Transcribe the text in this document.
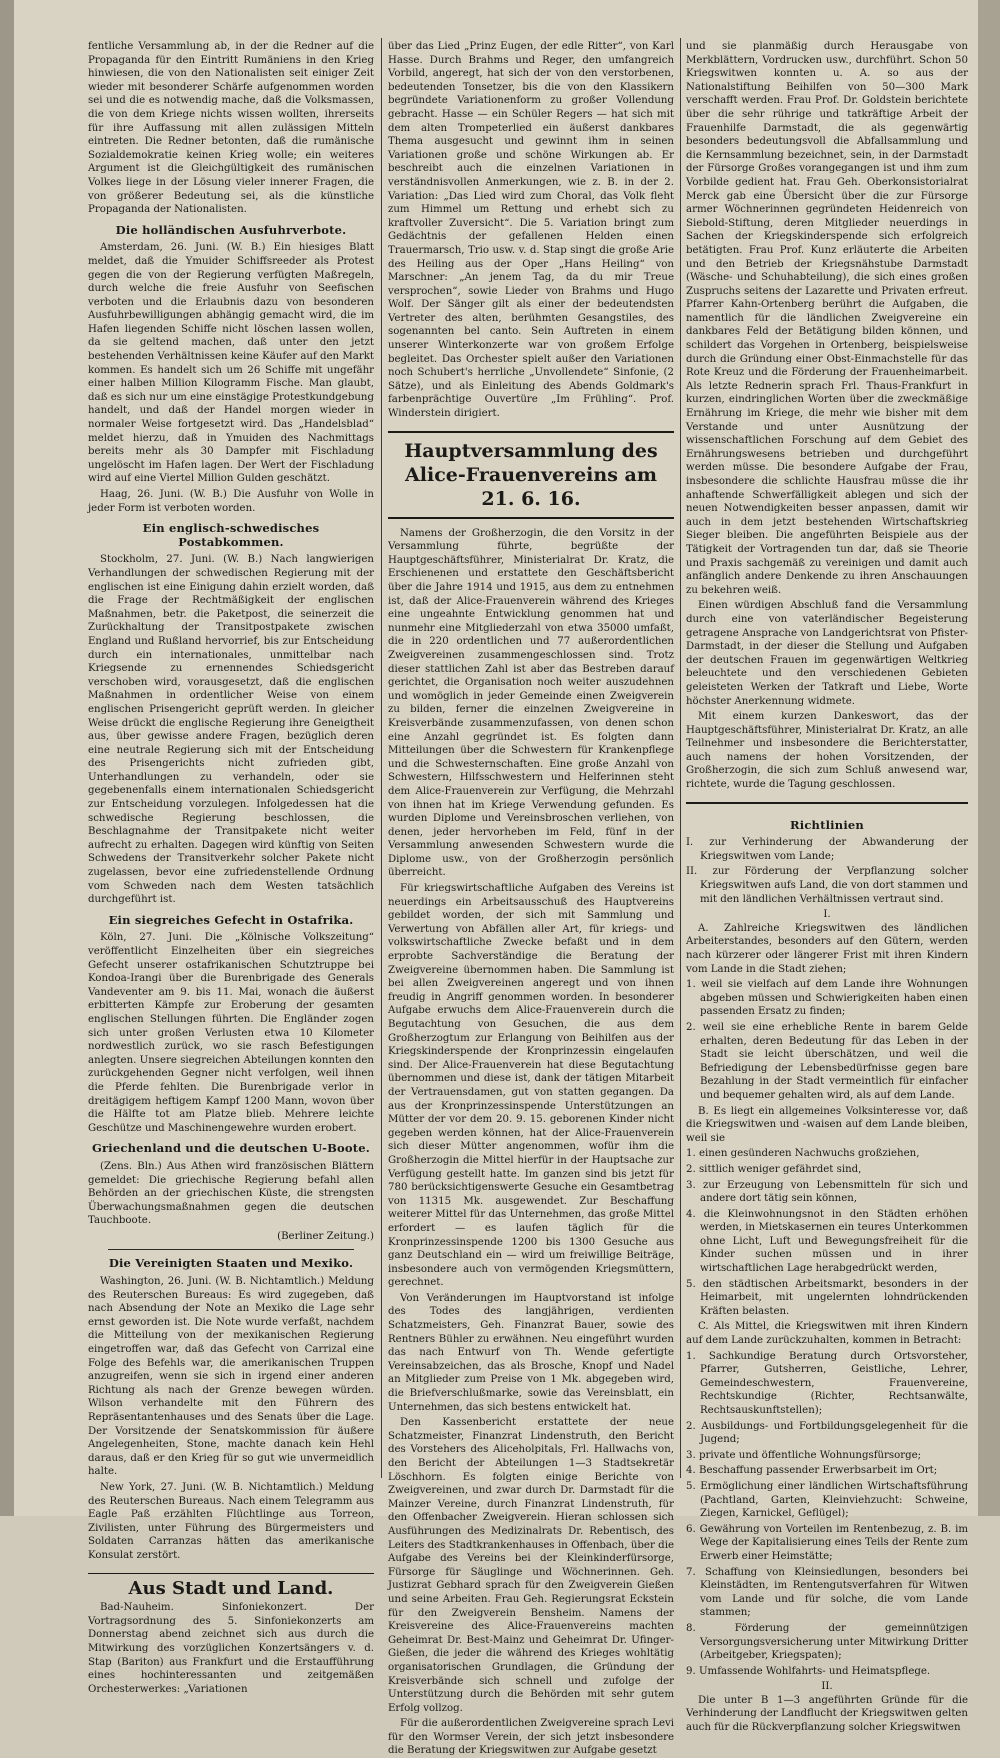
fentliche Versammlung ab, in der die Redner auf die Propaganda für den Eintritt Rumäniens in den Krieg hinwiesen, die von den Nationalisten seit einiger Zeit wieder mit besonderer Schärfe aufgenommen worden sei und die es notwendig mache, daß die Volksmassen, die von dem Kriege nichts wissen wollten, ihrerseits für ihre Auffassung mit allen zulässigen Mitteln eintreten. Die Redner betonten, daß die rumänische Sozialdemokratie keinen Krieg wolle; ein weiteres Argument ist die Gleichgültigkeit des rumänischen Volkes liege in der Lösung vieler innerer Fragen, die von größerer Bedeutung sei, als die künstliche Propaganda der Nationalisten.

Die holländischen Ausfuhrverbote.

Amsterdam, 26. Juni. (W. B.) Ein hiesiges Blatt meldet, daß die Ymuider Schiffsreeder als Protest gegen die von der Regierung verfügten Maßregeln, durch welche die freie Ausfuhr von Seefischen verboten und die Erlaubnis dazu von besonderen Ausfuhrbewilligungen abhängig gemacht wird, die im Hafen liegenden Schiffe nicht löschen lassen wollen, da sie geltend machen, daß unter den jetzt bestehenden Verhältnissen keine Käufer auf den Markt kommen. Es handelt sich um 26 Schiffe mit ungefähr einer halben Million Kilogramm Fische. Man glaubt, daß es sich nur um eine einstägige Protestkundgebung handelt, und daß der Handel morgen wieder in normaler Weise fortgesetzt wird. Das „Handelsblad“ meldet hierzu, daß in Ymuiden des Nachmittags bereits mehr als 30 Dampfer mit Fischladung ungelöscht im Hafen lagen. Der Wert der Fischladung wird auf eine Viertel Million Gulden geschätzt.

Haag, 26. Juni. (W. B.) Die Ausfuhr von Wolle in jeder Form ist verboten worden.

Ein englisch-schwedisches Postabkommen.

Stockholm, 27. Juni. (W. B.) Nach langwierigen Verhandlungen der schwedischen Regierung mit der englischen ist eine Einigung dahin erzielt worden, daß die Frage der Rechtmäßigkeit der englischen Maßnahmen, betr. die Paketpost, die seinerzeit die Zurückhaltung der Transitpostpakete zwischen England und Rußland hervorrief, bis zur Entscheidung durch ein internationales, unmittelbar nach Kriegsende zu ernennendes Schiedsgericht verschoben wird, vorausgesetzt, daß die englischen Maßnahmen in ordentlicher Weise von einem englischen Prisengericht geprüft werden. In gleicher Weise drückt die englische Regierung ihre Geneigtheit aus, über gewisse andere Fragen, bezüglich deren eine neutrale Regierung sich mit der Entscheidung des Prisengerichts nicht zufrieden gibt, Unterhandlungen zu verhandeln, oder sie gegebenenfalls einem internationalen Schiedsgericht zur Entscheidung vorzulegen. Infolgedessen hat die schwedische Regierung beschlossen, die Beschlagnahme der Transitpakete nicht weiter aufrecht zu erhalten. Dagegen wird künftig von Seiten Schwedens der Transitverkehr solcher Pakete nicht zugelassen, bevor eine zufriedenstellende Ordnung vom Schweden nach dem Westen tatsächlich durchgeführt ist.

Ein siegreiches Gefecht in Ostafrika.

Köln, 27. Juni. Die „Kölnische Volkszeitung“ veröffentlicht Einzelheiten über ein siegreiches Gefecht unserer ostafrikanischen Schutztruppe bei Kondoa-Irangi über die Burenbrigade des Generals Vandeventer am 9. bis 11. Mai, wonach die äußerst erbitterten Kämpfe zur Eroberung der gesamten englischen Stellungen führten. Die Engländer zogen sich unter großen Verlusten etwa 10 Kilometer nordwestlich zurück, wo sie rasch Befestigungen anlegten. Unsere siegreichen Abteilungen konnten den zurückgehenden Gegner nicht verfolgen, weil ihnen die Pferde fehlten. Die Burenbrigade verlor in dreitägigem heftigem Kampf 1200 Mann, wovon über die Hälfte tot am Platze blieb. Mehrere leichte Geschütze und Maschinengewehre wurden erobert.

Griechenland und die deutschen U-Boote.

(Zens. Bln.) Aus Athen wird französischen Blättern gemeldet: Die griechische Regierung befahl allen Behörden an der griechischen Küste, die strengsten Überwachungsmaßnahmen gegen die deutschen Tauchboote.

(Berliner Zeitung.)
Die Vereinigten Staaten und Mexiko.

Washington, 26. Juni. (W. B. Nichtamtlich.) Meldung des Reuterschen Bureaus: Es wird zugegeben, daß nach Absendung der Note an Mexiko die Lage sehr ernst geworden ist. Die Note wurde verfaßt, nachdem die Mitteilung von der mexikanischen Regierung eingetroffen war, daß das Gefecht von Carrizal eine Folge des Befehls war, die amerikanischen Truppen anzugreifen, wenn sie sich in irgend einer anderen Richtung als nach der Grenze bewegen würden. Wilson verhandelte mit den Führern des Repräsentantenhauses und des Senats über die Lage. Der Vorsitzende der Senatskommission für äußere Angelegenheiten, Stone, machte danach kein Hehl daraus, daß er den Krieg für so gut wie unvermeidlich halte.

New York, 27. Juni. (W. B. Nichtamtlich.) Meldung des Reuterschen Bureaus. Nach einem Telegramm aus Eagle Paß erzählten Flüchtlinge aus Torreon, Zivilisten, unter Führung des Bürgermeisters und Soldaten Carranzas hätten das amerikanische Konsulat zerstört.

Aus Stadt und Land.

Bad-Nauheim. Sinfoniekonzert. Der Vortragsordnung des 5. Sinfoniekonzerts am Donnerstag abend zeichnet sich aus durch die Mitwirkung des vorzüglichen Konzertsängers v. d. Stap (Bariton) aus Frankfurt und die Erstaufführung eines hochinteressanten und zeitgemäßen Orchesterwerkes: „Variationen

über das Lied „Prinz Eugen, der edle Ritter“, von Karl Hasse. Durch Brahms und Reger, den umfangreich Vorbild, angeregt, hat sich der von den verstorbenen, bedeutenden Tonsetzer, bis die von den Klassikern begründete Variationenform zu großer Vollendung gebracht. Hasse — ein Schüler Regers — hat sich mit dem alten Trompeterlied ein äußerst dankbares Thema ausgesucht und gewinnt ihm in seinen Variationen große und schöne Wirkungen ab. Er beschreibt auch die einzelnen Variationen in verständnisvollen Anmerkungen, wie z. B. in der 2. Variation: „Das Lied wird zum Choral, das Volk fleht zum Himmel um Rettung und erhebt sich zu kraftvoller Zuversicht“. Die 5. Variation bringt zum Gedächtnis der gefallenen Helden einen Trauermarsch, Trio usw. v. d. Stap singt die große Arie des Heiling aus der Oper „Hans Heiling“ von Marschner: „An jenem Tag, da du mir Treue versprochen“, sowie Lieder von Brahms und Hugo Wolf. Der Sänger gilt als einer der bedeutendsten Vertreter des alten, berühmten Gesangstiles, des sogenannten bel canto. Sein Auftreten in einem unserer Winterkonzerte war von großem Erfolge begleitet. Das Orchester spielt außer den Variationen noch Schubert's herrliche „Unvollendete“ Sinfonie, (2 Sätze), und als Einleitung des Abends Goldmark's farbenprächtige Ouvertüre „Im Frühling“. Prof. Winderstein dirigiert.

Hauptversammlung des Alice-Frauenvereins am 21. 6. 16.

Namens der Großherzogin, die den Vorsitz in der Versammlung führte, begrüßte der Hauptgeschäftsführer, Ministerialrat Dr. Kratz, die Erschienenen und erstattete den Geschäftsbericht über die Jahre 1914 und 1915, aus dem zu entnehmen ist, daß der Alice-Frauenverein während des Krieges eine ungeahnte Entwicklung genommen hat und nunmehr eine Mitgliederzahl von etwa 35000 umfaßt, die in 220 ordentlichen und 77 außerordentlichen Zweigvereinen zusammengeschlossen sind. Trotz dieser stattlichen Zahl ist aber das Bestreben darauf gerichtet, die Organisation noch weiter auszudehnen und womöglich in jeder Gemeinde einen Zweigverein zu bilden, ferner die einzelnen Zweigvereine in Kreisverbände zusammenzufassen, von denen schon eine Anzahl gegründet ist. Es folgten dann Mitteilungen über die Schwestern für Krankenpflege und die Schwesternschaften. Eine große Anzahl von Schwestern, Hilfsschwestern und Helferinnen steht dem Alice-Frauenverein zur Verfügung, die Mehrzahl von ihnen hat im Kriege Verwendung gefunden. Es wurden Diplome und Vereinsbroschen verliehen, von denen, jeder hervorheben im Feld, fünf in der Versammlung anwesenden Schwestern wurde die Diplome usw., von der Großherzogin persönlich überreicht.

Für kriegswirtschaftliche Aufgaben des Vereins ist neuerdings ein Arbeitsausschuß des Hauptvereins gebildet worden, der sich mit Sammlung und Verwertung von Abfällen aller Art, für kriegs- und volkswirtschaftliche Zwecke befaßt und in dem erprobte Sachverständige die Beratung der Zweigvereine übernommen haben. Die Sammlung ist bei allen Zweigvereinen angeregt und von ihnen freudig in Angriff genommen worden. In besonderer Aufgabe erwuchs dem Alice-Frauenverein durch die Begutachtung von Gesuchen, die aus dem Großherzogtum zur Erlangung von Beihilfen aus der Kriegskinderspende der Kronprinzessin eingelaufen sind. Der Alice-Frauenverein hat diese Begutachtung übernommen und diese ist, dank der tätigen Mitarbeit der Vertrauensdamen, gut von statten gegangen. Da aus der Kronprinzessinspende Unterstützungen an Mütter der vor dem 20. 9. 15. geborenen Kinder nicht gegeben werden können, hat der Alice-Frauenverein sich dieser Mütter angenommen, wofür ihm die Großherzogin die Mittel hierfür in der Hauptsache zur Verfügung gestellt hatte. Im ganzen sind bis jetzt für 780 berücksichtigenswerte Gesuche ein Gesamtbetrag von 11315 Mk. ausgewendet. Zur Beschaffung weiterer Mittel für das Unternehmen, das große Mittel erfordert — es laufen täglich für die Kronprinzessinspende 1200 bis 1300 Gesuche aus ganz Deutschland ein — wird um freiwillige Beiträge, insbesondere auch von vermögenden Kriegsmüttern, gerechnet.

Von Veränderungen im Hauptvorstand ist infolge des Todes des langjährigen, verdienten Schatzmeisters, Geh. Finanzrat Bauer, sowie des Rentners Bühler zu erwähnen. Neu eingeführt wurden das nach Entwurf von Th. Wende gefertigte Vereinsabzeichen, das als Brosche, Knopf und Nadel an Mitglieder zum Preise von 1 Mk. abgegeben wird, die Briefverschlußmarke, sowie das Vereinsblatt, ein Unternehmen, das sich bestens entwickelt hat.

Den Kassenbericht erstattete der neue Schatzmeister, Finanzrat Lindenstruth, den Bericht des Vorstehers des Aliceholpitals, Frl. Hallwachs von, den Bericht der Abteilungen 1—3 Stadtsekretär Löschhorn. Es folgten einige Berichte von Zweigvereinen, und zwar durch Dr. Darmstadt für die Mainzer Vereine, durch Finanzrat Lindenstruth, für den Offenbacher Zweigverein. Hieran schlossen sich Ausführungen des Medizinalrats Dr. Rebentisch, des Leiters des Stadtkrankenhauses in Offenbach, über die Aufgabe des Vereins bei der Kleinkinderfürsorge, Fürsorge für Säuglinge und Wöchnerinnen. Geh. Justizrat Gebhard sprach für den Zweigverein Gießen und seine Arbeiten. Frau Geh. Regierungsrat Eckstein für den Zweigverein Bensheim. Namens der Kreisvereine des Alice-Frauenvereins machten Geheimrat Dr. Best-Mainz und Geheimrat Dr. Ufinger-Gießen, die jeder die während des Krieges wohltätig organisatorischen Grundlagen, die Gründung der Kreisverbände sich schnell und zufolge der Unterstützung durch die Behörden mit sehr gutem Erfolg vollzog.

Für die außerordentlichen Zweigvereine sprach Levi für den Wormser Verein, der sich jetzt insbesondere die Beratung der Kriegswitwen zur Aufgabe gesetzt

und sie planmäßig durch Herausgabe von Merkblättern, Vordrucken usw., durchführt. Schon 50 Kriegswitwen konnten u. A. so aus der Nationalstiftung Beihilfen von 50—300 Mark verschafft werden. Frau Prof. Dr. Goldstein berichtete über die sehr rührige und tatkräftige Arbeit der Frauenhilfe Darmstadt, die als gegenwärtig besonders bedeutungsvoll die Abfallsammlung und die Kernsammlung bezeichnet, sein, in der Darmstadt der Fürsorge Großes vorangegangen ist und ihm zum Vorbilde gedient hat. Frau Geh. Oberkonsistorialrat Merck gab eine Übersicht über die zur Fürsorge armer Wöchnerinnen gegründeten Heidenreich von Siebold-Stiftung, deren Mitglieder neuerdings in Sachen der Kriegskinderspende sich erfolgreich betätigten. Frau Prof. Kunz erläuterte die Arbeiten und den Betrieb der Kriegsnähstube Darmstadt (Wäsche- und Schuhabteilung), die sich eines großen Zuspruchs seitens der Lazarette und Privaten erfreut. Pfarrer Kahn-Ortenberg berührt die Aufgaben, die namentlich für die ländlichen Zweigvereine ein dankbares Feld der Betätigung bilden können, und schildert das Vorgehen in Ortenberg, beispielsweise durch die Gründung einer Obst-Einmachstelle für das Rote Kreuz und die Förderung der Frauenheimarbeit. Als letzte Rednerin sprach Frl. Thaus-Frankfurt in kurzen, eindringlichen Worten über die zweckmäßige Ernährung im Kriege, die mehr wie bisher mit dem Verstande und unter Ausnützung der wissenschaftlichen Forschung auf dem Gebiet des Ernährungswesens betrieben und durchgeführt werden müsse. Die besondere Aufgabe der Frau, insbesondere die schlichte Hausfrau müsse die ihr anhaftende Schwerfälligkeit ablegen und sich der neuen Notwendigkeiten besser anpassen, damit wir auch in dem jetzt bestehenden Wirtschaftskrieg Sieger bleiben. Die angeführten Beispiele aus der Tätigkeit der Vortragenden tun dar, daß sie Theorie und Praxis sachgemäß zu vereinigen und damit auch anfänglich andere Denkende zu ihren Anschauungen zu bekehren weiß.

Einen würdigen Abschluß fand die Versammlung durch eine von vaterländischer Begeisterung getragene Ansprache von Landgerichtsrat von Pfister-Darmstadt, in der dieser die Stellung und Aufgaben der deutschen Frauen im gegenwärtigen Weltkrieg beleuchtete und den verschiedenen Gebieten geleisteten Werken der Tatkraft und Liebe, Worte höchster Anerkennung widmete.

Mit einem kurzen Dankeswort, das der Hauptgeschäftsführer, Ministerialrat Dr. Kratz, an alle Teilnehmer und insbesondere die Berichterstatter, auch namens der hohen Vorsitzenden, der Großherzogin, die sich zum Schluß anwesend war, richtete, wurde die Tagung geschlossen.

Richtlinien
I. zur Verhinderung der Abwanderung der Kriegswitwen vom Lande;
II. zur Förderung der Verpflanzung solcher Kriegswitwen aufs Land, die von dort stammen und mit den ländlichen Verhältnissen vertraut sind.
I.

A. Zahlreiche Kriegswitwen des ländlichen Arbeiterstandes, besonders auf den Gütern, werden nach kürzerer oder längerer Frist mit ihren Kindern vom Lande in die Stadt ziehen;

1. weil sie vielfach auf dem Lande ihre Wohnungen abgeben müssen und Schwierigkeiten haben einen passenden Ersatz zu finden;
2. weil sie eine erhebliche Rente in barem Gelde erhalten, deren Bedeutung für das Leben in der Stadt sie leicht überschätzen, und weil die Befriedigung der Lebensbedürfnisse gegen bare Bezahlung in der Stadt vermeintlich für einfacher und bequemer gehalten wird, als auf dem Lande.

B. Es liegt ein allgemeines Volksinteresse vor, daß die Kriegswitwen und -waisen auf dem Lande bleiben, weil sie

1. einen gesünderen Nachwuchs großziehen,
2. sittlich weniger gefährdet sind,
3. zur Erzeugung von Lebensmitteln für sich und andere dort tätig sein können,
4. die Kleinwohnungsnot in den Städten erhöhen werden, in Mietskasernen ein teures Unterkommen ohne Licht, Luft und Bewegungsfreiheit für die Kinder suchen müssen und in ihrer wirtschaftlichen Lage herabgedrückt werden,
5. den städtischen Arbeitsmarkt, besonders in der Heimarbeit, mit ungelernten lohndrückenden Kräften belasten.

C. Als Mittel, die Kriegswitwen mit ihren Kindern auf dem Lande zurückzuhalten, kommen in Betracht:

1. Sachkundige Beratung durch Ortsvorsteher, Pfarrer, Gutsherren, Geistliche, Lehrer, Gemeindeschwestern, Frauenvereine, Rechtskundige (Richter, Rechtsanwälte, Rechtsauskunftstellen);
2. Ausbildungs- und Fortbildungsgelegenheit für die Jugend;
3. private und öffentliche Wohnungsfürsorge;
4. Beschaffung passender Erwerbsarbeit im Ort;
5. Ermöglichung einer ländlichen Wirtschaftsführung (Pachtland, Garten, Kleinviehzucht: Schweine, Ziegen, Karnickel, Geflügel);
6. Gewährung von Vorteilen im Rentenbezug, z. B. im Wege der Kapitalisierung eines Teils der Rente zum Erwerb einer Heimstätte;
7. Schaffung von Kleinsiedlungen, besonders bei Kleinstädten, im Rentengutsverfahren für Witwen vom Lande und für solche, die vom Lande stammen;
8. Förderung der gemeinnützigen Versorgungsversicherung unter Mitwirkung Dritter (Arbeitgeber, Kriegspaten);
9. Umfassende Wohlfahrts- und Heimatspflege.
II.

Die unter B 1—3 angeführten Gründe für die Verhinderung der Landflucht der Kriegswitwen gelten auch für die Rückverpflanzung solcher Kriegswitwen
